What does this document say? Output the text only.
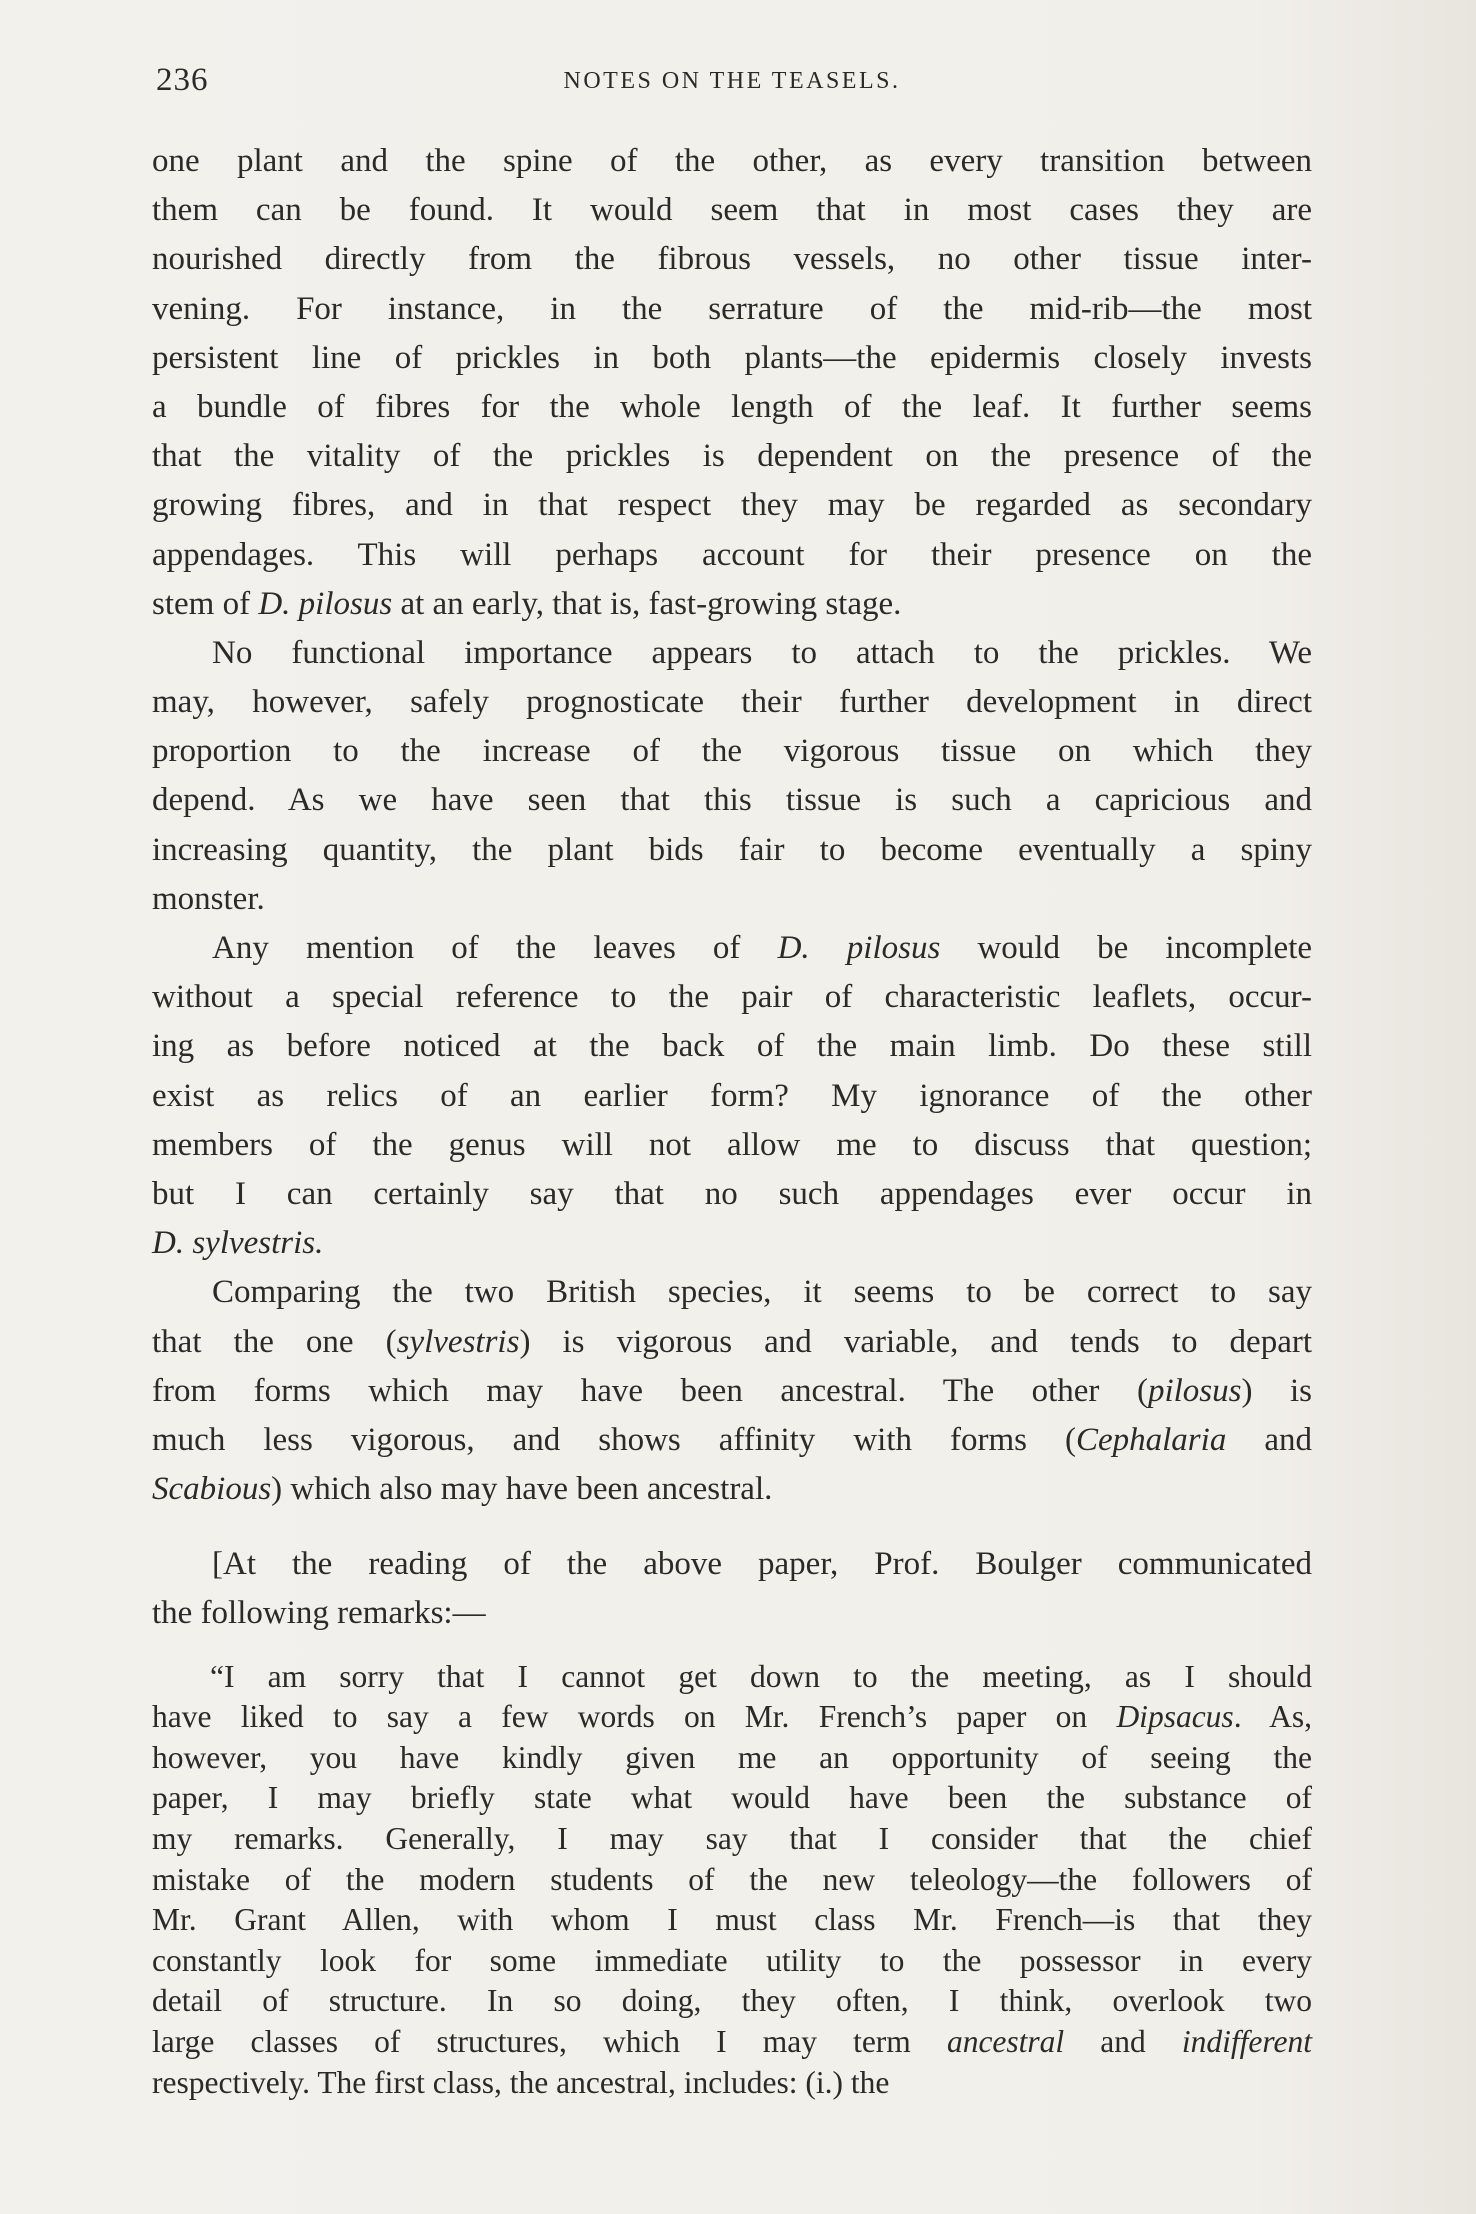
236	NOTES ON THE TEASELS.
one plant and the spine of the other, as every transition between
them can be found. It would seem that in most cases they are
nourished directly from the fibrous vessels, no other tissue inter-
vening. For instance, in the serrature of the mid-rib—the most
persistent line of prickles in both plants—the epidermis closely invests
a bundle of fibres for the whole length of the leaf. It further seems
that the vitality of the prickles is dependent on the presence of the
growing fibres, and in that respect they may be regarded as secondary
appendages. This will perhaps account for their presence on the
stem of D. pilosus at an early, that is, fast-growing stage.
No functional importance appears to attach to the prickles. We
may, however, safely prognosticate their further development in direct
proportion to the increase of the vigorous tissue on which they
depend. As we have seen that this tissue is such a capricious and
increasing quantity, the plant bids fair to become eventually a spiny
monster.
Any mention of the leaves of D. pilosus would be incomplete
without a special reference to the pair of characteristic leaflets, occur-
ing as before noticed at the back of the main limb. Do these still
exist as relics of an earlier form? My ignorance of the other
members of the genus will not allow me to discuss that question;
but I can certainly say that no such appendages ever occur in
D. sylvestris.
Comparing the two British species, it seems to be correct to say
that the one (sylvestris) is vigorous and variable, and tends to depart
from forms which may have been ancestral. The other (pilosus) is
much less vigorous, and shows affinity with forms (Cephalaria and
Scabious) which also may have been ancestral.
[At the reading of the above paper, Prof. Boulger communicated
the following remarks:—
“I am sorry that I cannot get down to the meeting, as I should
have liked to say a few words on Mr. French’s paper on Dipsacus. As,
however, you have kindly given me an opportunity of seeing the
paper, I may briefly state what would have been the substance of
my remarks. Generally, I may say that I consider that the chief
mistake of the modern students of the new teleology—the followers of
Mr. Grant Allen, with whom I must class Mr. French—is that they
constantly look for some immediate utility to the possessor in every
detail of structure. In so doing, they often, I think, overlook two
large classes of structures, which I may term ancestral and indifferent
respectively. The first class, the ancestral, includes: (i.) the
